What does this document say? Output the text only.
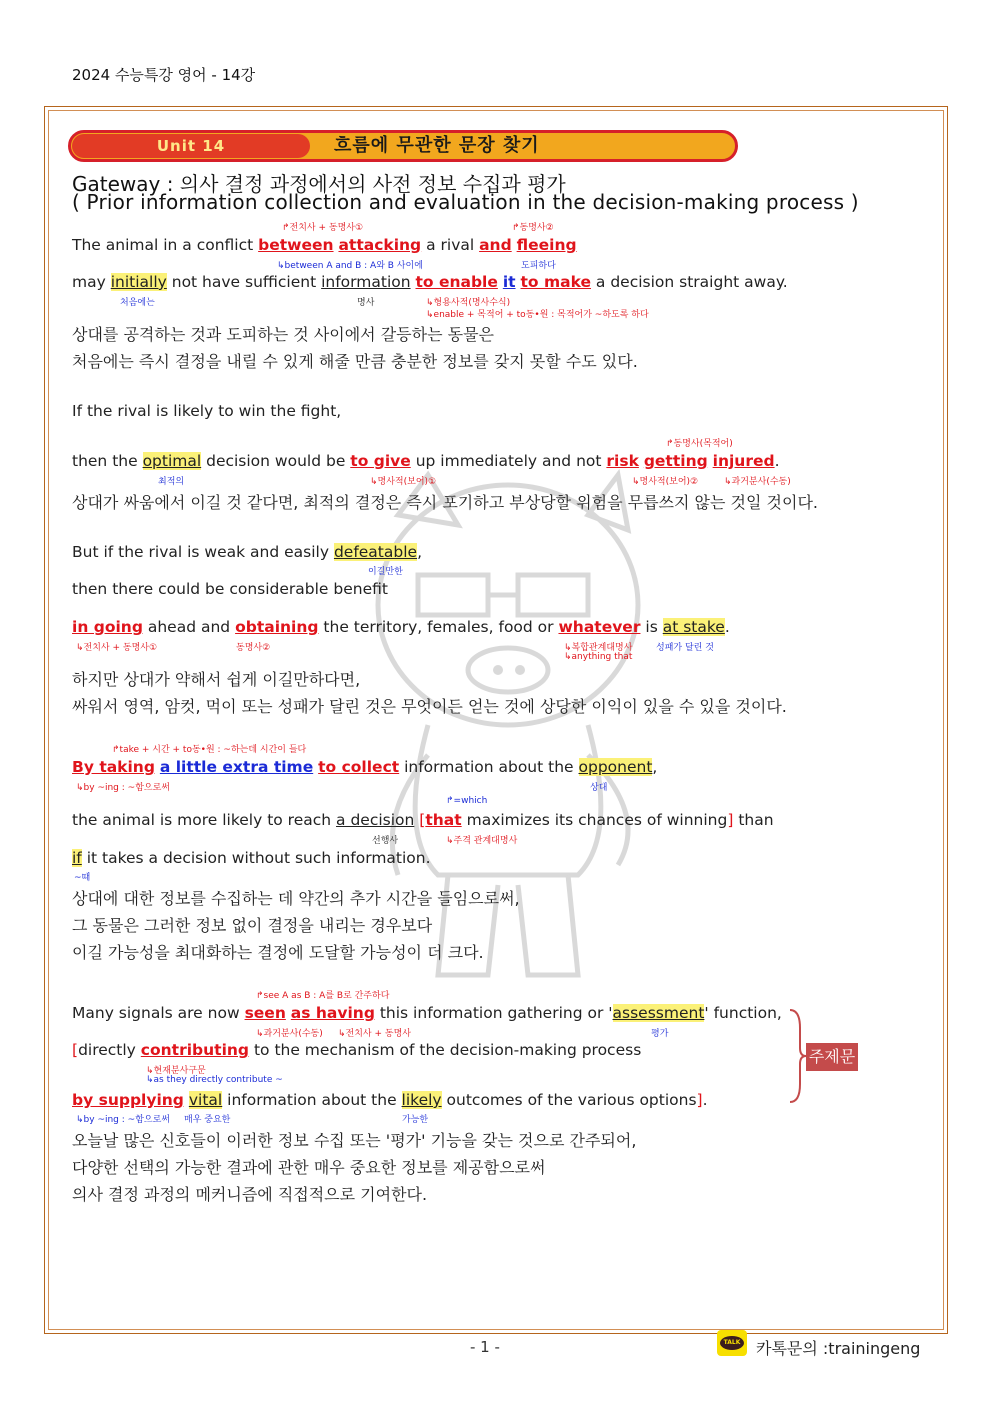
2024 수능특강 영어 - 14강
Unit 14	흐름에 무관한 문장 찾기
Gateway : 의사 결정 과정에서의 사전 정보 수집과 평가
( Prior information collection and evaluation in the decision-making process )
↱전치사 + 동명사①	↱동명사②
The animal in a conflict between attacking a rival and fleeing
↳between A and B : A와 B 사이에	도피하다
may initially not have sufficient information to enable it to make a decision straight away.
처음에는	명사	↳형용사적(명사수식)
↳enable + 목적어 + to동•원 : 목적어가 ~하도록 하다
상대를 공격하는 것과 도피하는 것 사이에서 갈등하는 동물은
처음에는 즉시 결정을 내릴 수 있게 해줄 만큼 충분한 정보를 갖지 못할 수도 있다.
If the rival is likely to win the fight,
↱동명사(목적어)
then the optimal decision would be to give up immediately and not risk getting injured.
최적의	↳명사적(보어)①	↳명사적(보어)②	↳과거분사(수동)
상대가 싸움에서 이길 것 같다면, 최적의 결정은 즉시 포기하고 부상당할 위험을 무릅쓰지 않는 것일 것이다.
But if the rival is weak and easily defeatable,
이길만한
then there could be considerable benefit
in going ahead and obtaining the territory, females, food or whatever is at stake.
↳전치사 + 동명사①	동명사②	↳복합관계대명사
↳anything that
성패가 달린 것
하지만 상대가 약해서 쉽게 이길만하다면,
싸워서 영역, 암컷, 먹이 또는 성패가 달린 것은 무엇이든 얻는 것에 상당한 이익이 있을 수 있을 것이다.
↱take + 시간 + to동•원 : ~하는데 시간이 들다
By taking a little extra time to collect information about the opponent,
↳by ~ing : ~함으로써	상대
↱=which
the animal is more likely to reach a decision [that maximizes its chances of winning] than
선행사	↳주격 관계대명사
if it takes a decision without such information.
~때
상대에 대한 정보를 수집하는 데 약간의 추가 시간을 들임으로써,
그 동물은 그러한 정보 없이 결정을 내리는 경우보다
이길 가능성을 최대화하는 결정에 도달할 가능성이 더 크다.
↱see A as B : A를 B로 간주하다
Many signals are now seen as having this information gathering or 'assessment' function,
↳과거분사(수동) ↳전치사 + 동명사	평가
[directly contributing to the mechanism of the decision-making process
↳현재분사구문
↳as they directly contribute ~
by supplying vital information about the likely outcomes of the various options].
↳by ~ing : ~함으로써 매우 중요한	가능한
주제문
오늘날 많은 신호들이 이러한 정보 수집 또는 '평가' 기능을 갖는 것으로 간주되어,
다양한 선택의 가능한 결과에 관한 매우 중요한 정보를 제공함으로써
의사 결정 과정의 메커니즘에 직접적으로 기여한다.
- 1 -	TALK 카톡문의 :trainingeng
